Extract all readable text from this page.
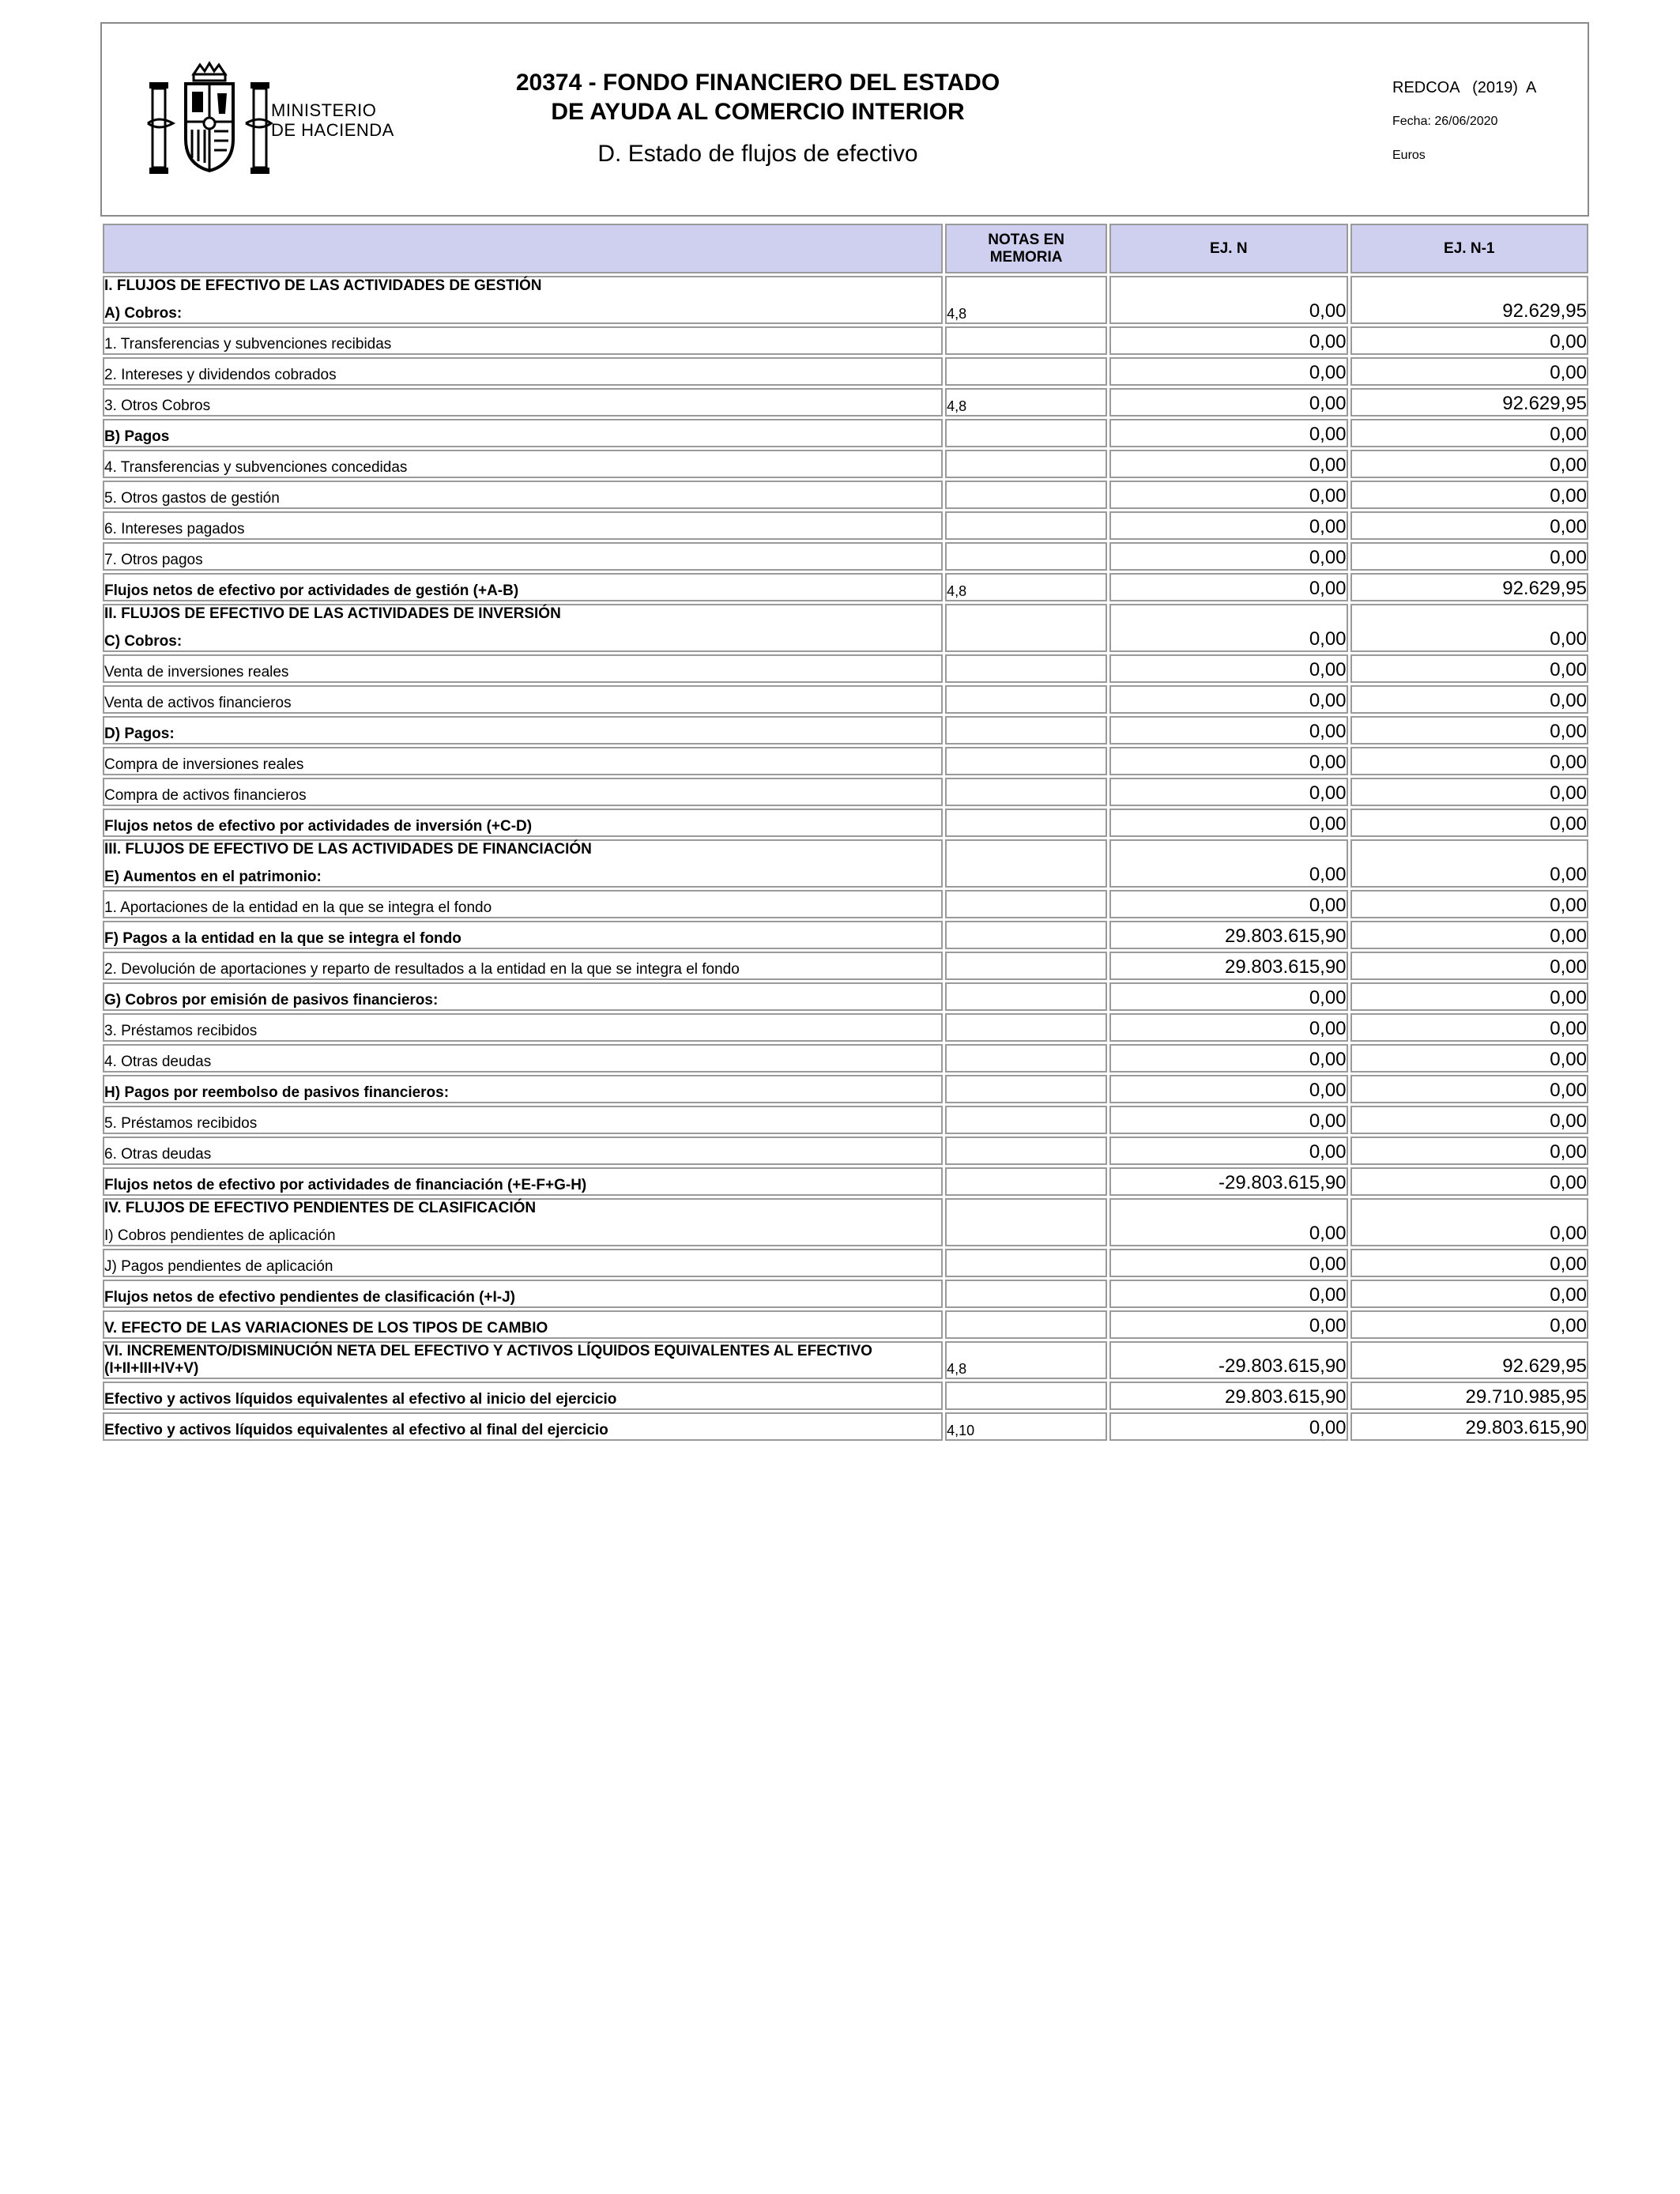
MINISTERIO
DE HACIENDA
20374 - FONDO FINANCIERO DEL ESTADO DE AYUDA AL COMERCIO INTERIOR
D. Estado de flujos de efectivo
REDCOA   (2019)  A
Fecha: 26/06/2020
Euros
	NOTAS EN MEMORIA	EJ. N	EJ. N-1

I. FLUJOS DE EFECTIVO DE LAS ACTIVIDADES DE GESTIÓN
A) Cobros:	4,8	0,00	92.629,95
1. Transferencias y subvenciones recibidas		0,00	0,00
2. Intereses y dividendos cobrados		0,00	0,00
3. Otros Cobros	4,8	0,00	92.629,95
B) Pagos		0,00	0,00
4. Transferencias y subvenciones concedidas		0,00	0,00
5. Otros gastos de gestión		0,00	0,00
6. Intereses pagados		0,00	0,00
7. Otros pagos		0,00	0,00
Flujos netos de efectivo por actividades de gestión (+A-B)	4,8	0,00	92.629,95

II. FLUJOS DE EFECTIVO DE LAS ACTIVIDADES DE INVERSIÓN
C) Cobros:		0,00	0,00
Venta de inversiones reales		0,00	0,00
Venta de activos financieros		0,00	0,00
D) Pagos:		0,00	0,00
Compra de inversiones reales		0,00	0,00
Compra de activos financieros		0,00	0,00
Flujos netos de efectivo por actividades de inversión (+C-D)		0,00	0,00

III. FLUJOS DE EFECTIVO DE LAS ACTIVIDADES DE FINANCIACIÓN
E) Aumentos en el patrimonio:		0,00	0,00
1. Aportaciones de la entidad en la que se integra el fondo		0,00	0,00
F) Pagos a la entidad en la que se integra el fondo		29.803.615,90	0,00
2. Devolución de aportaciones y reparto de resultados a la entidad en la que se integra el fondo		29.803.615,90	0,00
G) Cobros por emisión de pasivos financieros:		0,00	0,00
3. Préstamos recibidos		0,00	0,00
4. Otras deudas		0,00	0,00
H) Pagos por reembolso de pasivos financieros:		0,00	0,00
5. Préstamos recibidos		0,00	0,00
6. Otras deudas		0,00	0,00
Flujos netos de efectivo por actividades de financiación (+E-F+G-H)		-29.803.615,90	0,00

IV. FLUJOS DE EFECTIVO PENDIENTES DE CLASIFICACIÓN
I) Cobros pendientes de aplicación		0,00	0,00
J) Pagos pendientes de aplicación		0,00	0,00
Flujos netos de efectivo pendientes de clasificación (+I-J)		0,00	0,00
V. EFECTO DE LAS VARIACIONES DE LOS TIPOS DE CAMBIO		0,00	0,00
VI. INCREMENTO/DISMINUCIÓN NETA DEL EFECTIVO Y ACTIVOS LÍQUIDOS EQUIVALENTES AL EFECTIVO (I+II+III+IV+V)	4,8	-29.803.615,90	92.629,95
Efectivo y activos líquidos equivalentes al efectivo al inicio del ejercicio		29.803.615,90	29.710.985,95
Efectivo y activos líquidos equivalentes al efectivo al final del ejercicio	4,10	0,00	29.803.615,90
